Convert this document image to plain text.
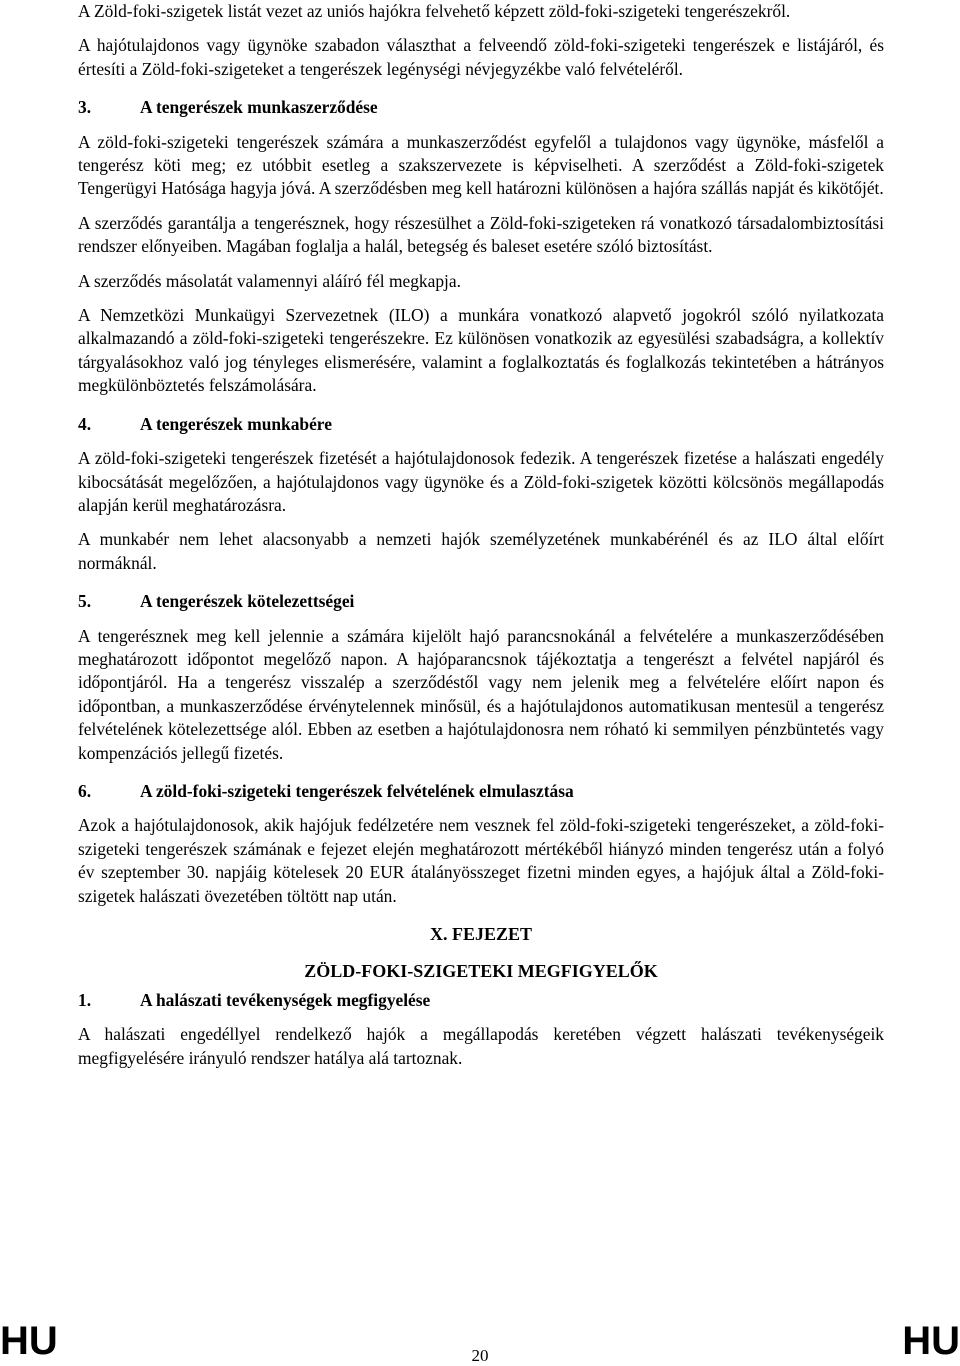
A Zöld-foki-szigetek listát vezet az uniós hajókra felvehető képzett zöld-foki-szigeteki tengerészekről.

A hajótulajdonos vagy ügynöke szabadon választhat a felveendő zöld-foki-szigeteki tengerészek e listájáról, és értesíti a Zöld-foki-szigeteket a tengerészek legénységi névjegyzékbe való felvételéről.

3.	A tengerészek munkaszerződése

A zöld-foki-szigeteki tengerészek számára a munkaszerződést egyfelől a tulajdonos vagy ügynöke, másfelől a tengerész köti meg; ez utóbbit esetleg a szakszervezete is képviselheti. A szerződést a Zöld-foki-szigetek Tengerügyi Hatósága hagyja jóvá. A szerződésben meg kell határozni különösen a hajóra szállás napját és kikötőjét.

A szerződés garantálja a tengerésznek, hogy részesülhet a Zöld-foki-szigeteken rá vonatkozó társadalombiztosítási rendszer előnyeiben. Magában foglalja a halál, betegség és baleset esetére szóló biztosítást.

A szerződés másolatát valamennyi aláíró fél megkapja.

A Nemzetközi Munkaügyi Szervezetnek (ILO) a munkára vonatkozó alapvető jogokról szóló nyilatkozata alkalmazandó a zöld-foki-szigeteki tengerészekre. Ez különösen vonatkozik az egyesülési szabadságra, a kollektív tárgyalásokhoz való jog tényleges elismerésére, valamint a foglalkoztatás és foglalkozás tekintetében a hátrányos megkülönböztetés felszámolására.

4.	A tengerészek munkabére

A zöld-foki-szigeteki tengerészek fizetését a hajótulajdonosok fedezik. A tengerészek fizetése a halászati engedély kibocsátását megelőzően, a hajótulajdonos vagy ügynöke és a Zöld-foki-szigetek közötti kölcsönös megállapodás alapján kerül meghatározásra.

A munkabér nem lehet alacsonyabb a nemzeti hajók személyzetének munkabérénél és az ILO által előírt normáknál.

5.	A tengerészek kötelezettségei

A tengerésznek meg kell jelennie a számára kijelölt hajó parancsnokánál a felvételére a munkaszerződésében meghatározott időpontot megelőző napon. A hajóparancsnok tájékoztatja a tengerészt a felvétel napjáról és időpontjáról. Ha a tengerész visszalép a szerződéstől vagy nem jelenik meg a felvételére előírt napon és időpontban, a munkaszerződése érvénytelennek minősül, és a hajótulajdonos automatikusan mentesül a tengerész felvételének kötelezettsége alól. Ebben az esetben a hajótulajdonosra nem róható ki semmilyen pénzbüntetés vagy kompenzációs jellegű fizetés.

6.	A zöld-foki-szigeteki tengerészek felvételének elmulasztása

Azok a hajótulajdonosok, akik hajójuk fedélzetére nem vesznek fel zöld-foki-szigeteki tengerészeket, a zöld-foki-szigeteki tengerészek számának e fejezet elején meghatározott mértékéből hiányzó minden tengerész után a folyó év szeptember 30. napjáig kötelesek 20 EUR átalányösszeget fizetni minden egyes, a hajójuk által a Zöld-foki-szigetek halászati övezetében töltött nap után.

X. FEJEZET

ZÖLD-FOKI-SZIGETEKI MEGFIGYELŐK

1.	A halászati tevékenységek megfigyelése

A halászati engedéllyel rendelkező hajók a megállapodás keretében végzett halászati tevékenységeik megfigyelésére irányuló rendszer hatálya alá tartoznak.

HU	HU
20
